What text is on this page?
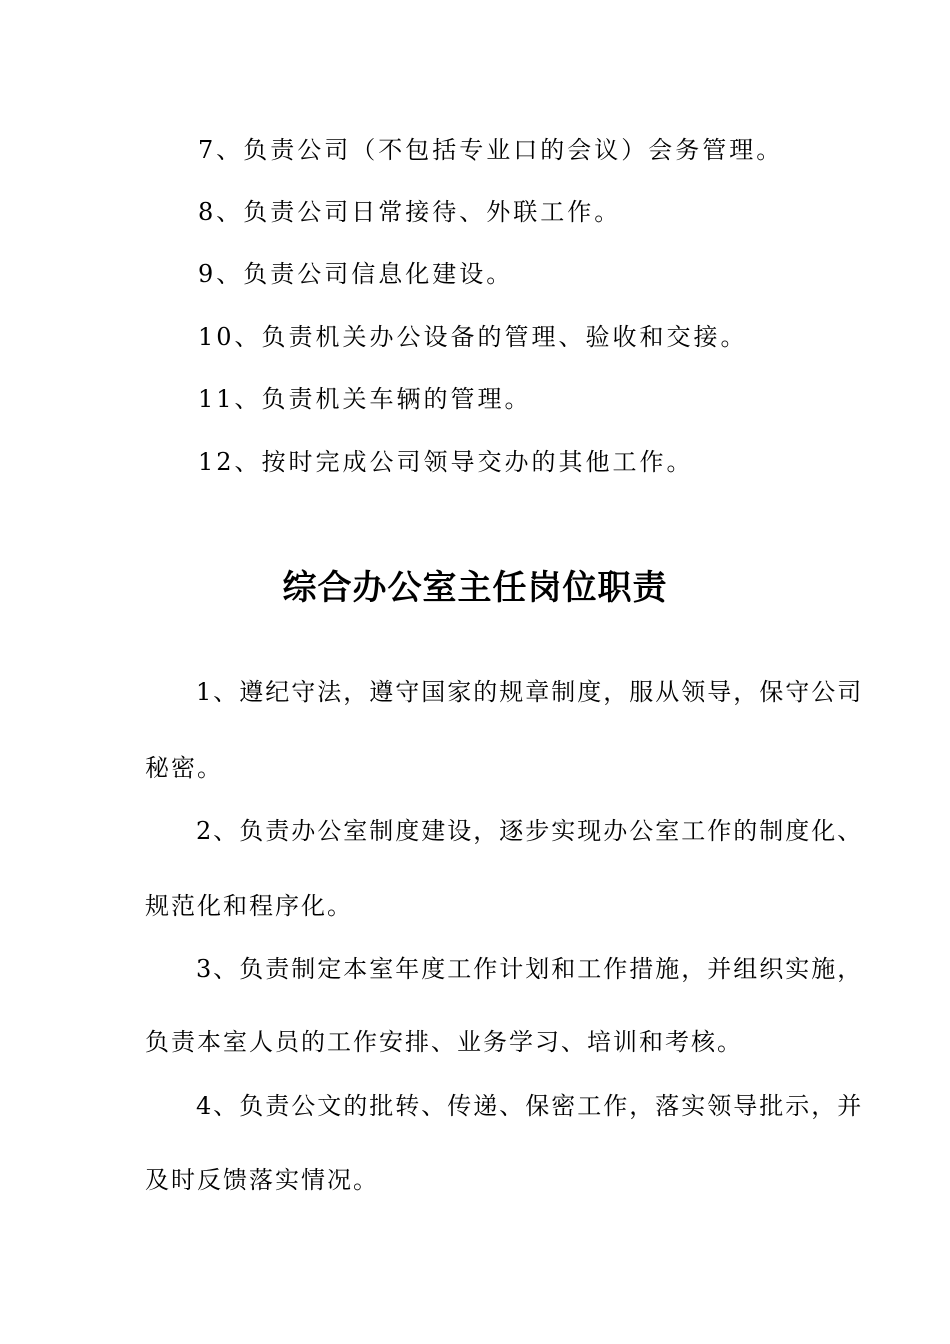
7、负责公司（不包括专业口的会议）会务管理。
8、负责公司日常接待、外联工作。
9、负责公司信息化建设。
10、负责机关办公设备的管理、验收和交接。
11、负责机关车辆的管理。
12、按时完成公司领导交办的其他工作。
综合办公室主任岗位职责
1、遵纪守法，遵守国家的规章制度，服从领导，保守公司
秘密。
2、负责办公室制度建设，逐步实现办公室工作的制度化、
规范化和程序化。
3、负责制定本室年度工作计划和工作措施，并组织实施，
负责本室人员的工作安排、业务学习、培训和考核。
4、负责公文的批转、传递、保密工作，落实领导批示，并
及时反馈落实情况。
